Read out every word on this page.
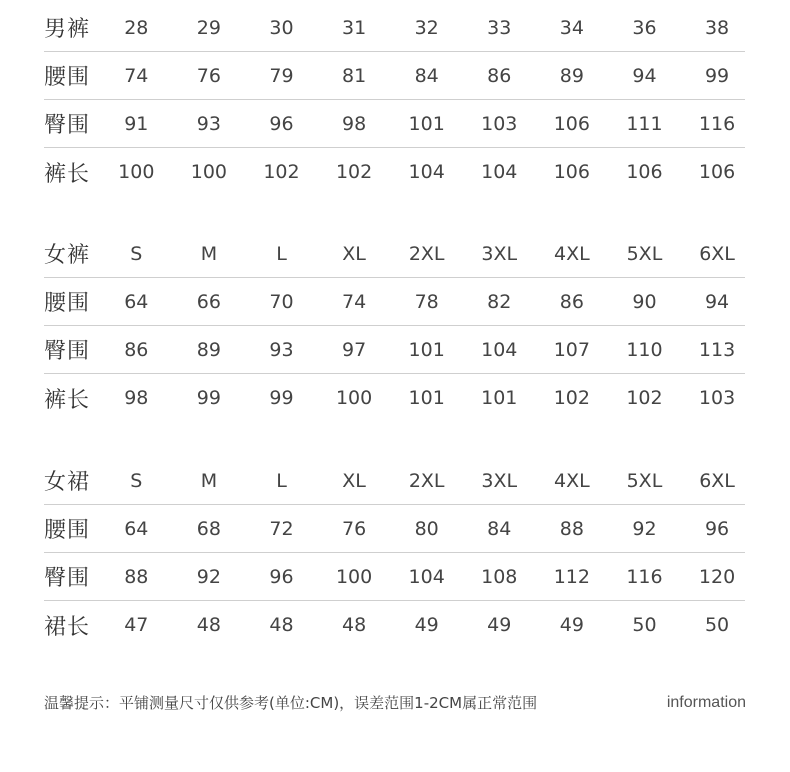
男裤	28	29	30	31	32	33	34	36	38
腰围	74	76	79	81	84	86	89	94	99
臀围	91	93	96	98	101	103	106	111	116
裤长	100	100	102	102	104	104	106	106	106
女裤	S	M	L	XL	2XL	3XL	4XL	5XL	6XL
腰围	64	66	70	74	78	82	86	90	94
臀围	86	89	93	97	101	104	107	110	113
裤长	98	99	99	100	101	101	102	102	103
女裙	S	M	L	XL	2XL	3XL	4XL	5XL	6XL
腰围	64	68	72	76	80	84	88	92	96
臀围	88	92	96	100	104	108	112	116	120
裙长	47	48	48	48	49	49	49	50	50
温馨提示：平铺测量尺寸仅供参考(单位:CM)，误差范围1-2CM属正常范围	information
